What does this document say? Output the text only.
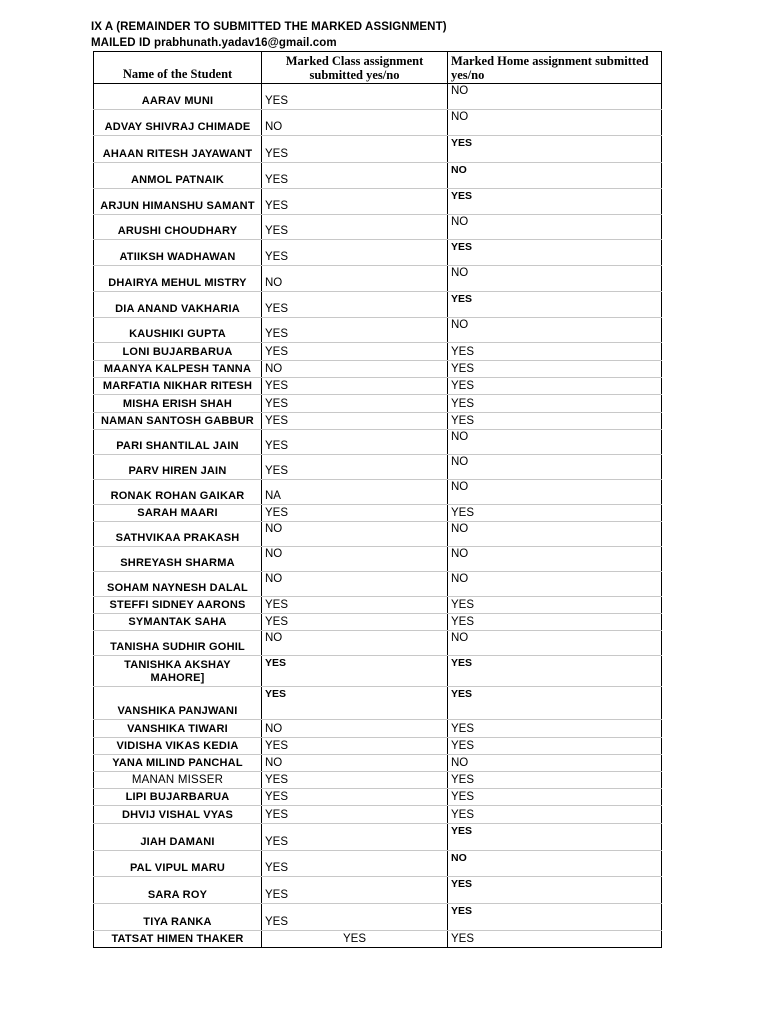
IX A (REMAINDER TO SUBMITTED THE MARKED ASSIGNMENT)
MAILED ID prabhunath.yadav16@gmail.com
Name of the Student	Marked Class assignment submitted yes/no	Marked Home assignment submitted yes/no
AARAV MUNI	YES	NO
ADVAY SHIVRAJ CHIMADE	NO	NO
AHAAN RITESH JAYAWANT	YES	YES
ANMOL PATNAIK	YES	NO
ARJUN HIMANSHU SAMANT	YES	YES
ARUSHI CHOUDHARY	YES	NO
ATIIKSH WADHAWAN	YES	YES
DHAIRYA MEHUL MISTRY	NO	NO
DIA ANAND VAKHARIA	YES	YES
KAUSHIKI GUPTA	YES	NO
LONI BUJARBARUA	YES	YES
MAANYA KALPESH TANNA	NO	YES
MARFATIA NIKHAR RITESH	YES	YES
MISHA ERISH SHAH	YES	YES
NAMAN SANTOSH GABBUR	YES	YES
PARI SHANTILAL JAIN	YES	NO
PARV HIREN JAIN	YES	NO
RONAK ROHAN GAIKAR	NA	NO
SARAH MAARI	YES	YES
SATHVIKAA PRAKASH	NO	NO
SHREYASH SHARMA	NO	NO
SOHAM NAYNESH DALAL	NO	NO
STEFFI SIDNEY AARONS	YES	YES
SYMANTAK SAHA	YES	YES
TANISHA SUDHIR GOHIL	NO	NO
TANISHKA AKSHAY MAHORE]	YES	YES
VANSHIKA PANJWANI	YES	YES
VANSHIKA TIWARI	NO	YES
VIDISHA VIKAS KEDIA	YES	YES
YANA MILIND PANCHAL	NO	NO
MANAN MISSER	YES	YES
LIPI BUJARBARUA	YES	YES
DHVIJ VISHAL VYAS	YES	YES
JIAH DAMANI	YES	YES
PAL VIPUL MARU	YES	NO
SARA ROY	YES	YES
TIYA RANKA	YES	YES
TATSAT HIMEN THAKER	YES	YES
